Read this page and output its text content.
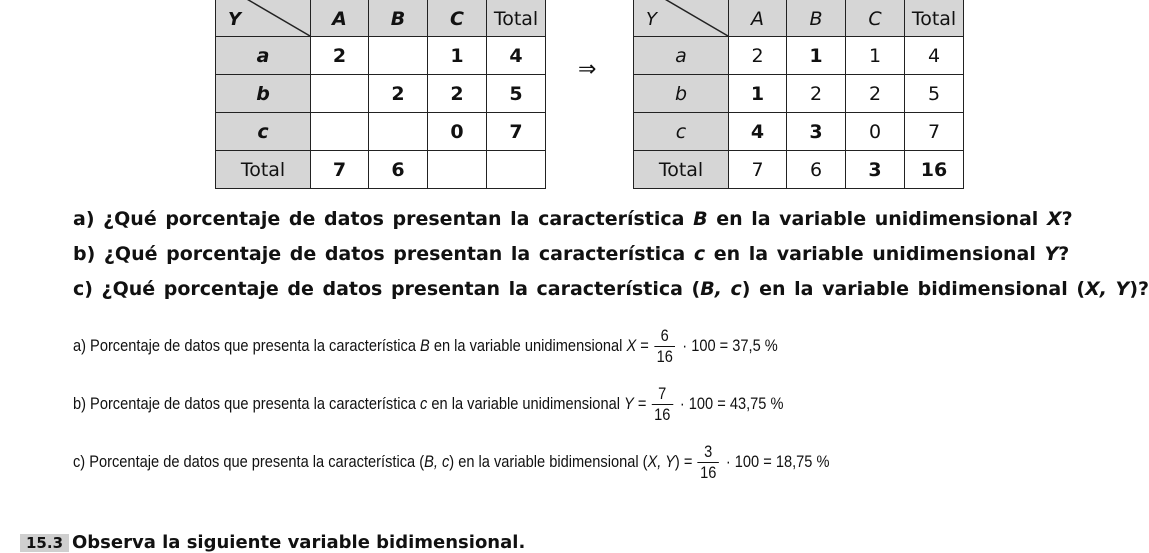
Y	A	B	C	Total
a	2		1	4
b		2	2	5
c			0	7
Total	7	6		
⇒
Y	A	B	C	Total
a	2	1	1	4
b	1	2	2	5
c	4	3	0	7
Total	7	6	3	16
a) ¿Qué porcentaje de datos presentan la característica B en la variable unidimensional X?
b) ¿Qué porcentaje de datos presentan la característica c en la variable unidimensional Y?
c) ¿Qué porcentaje de datos presentan la característica (B, c) en la variable bidimensional (X, Y)?
a) Porcentaje de datos que presenta la característica B en la variable unidimensional $X = \frac{6}{16} \cdot 100 = 37,5$ %
b) Porcentaje de datos que presenta la característica c en la variable unidimensional $Y = \frac{7}{16} \cdot 100 = 43,75$ %
c) Porcentaje de datos que presenta la característica (B, c) en la variable bidimensional (X, $Y) = \frac{3}{16} \cdot 100 = 18,75$ %
15.3 Observa la siguiente variable bidimensional.
